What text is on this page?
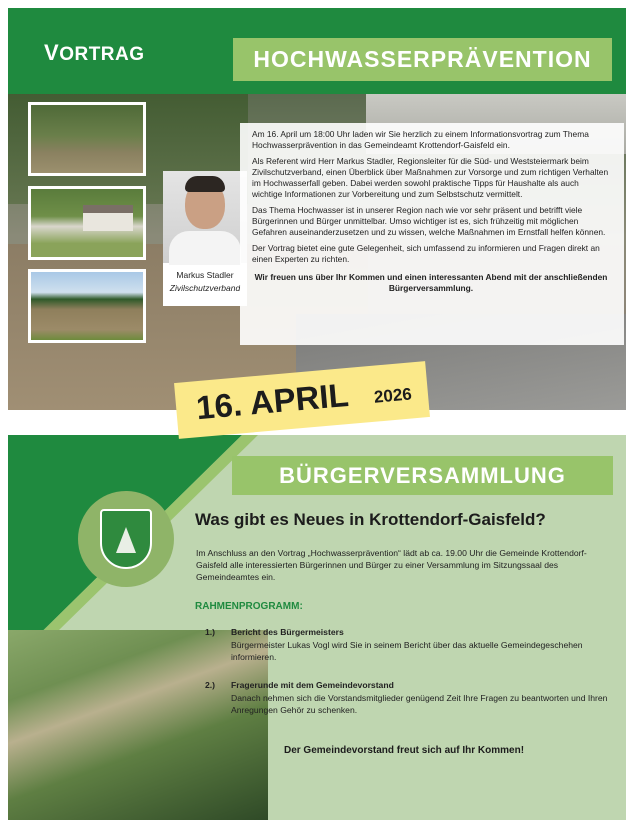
VORTRAG	HOCHWASSERPRÄVENTION
Markus Stadler
Zivilschutzverband

Am 16. April um 18:00 Uhr laden wir Sie herzlich zu einem Informationsvortrag zum Thema Hochwasserprävention in das Gemeindeamt Krottendorf-Gaisfeld ein.

Als Referent wird Herr Markus Stadler, Regionsleiter für die Süd- und Weststeiermark beim Zivilschutzverband, einen Überblick über Maßnahmen zur Vorsorge und zum richtigen Verhalten im Hochwasserfall geben. Dabei werden sowohl praktische Tipps für Haushalte als auch wichtige Informationen zur Vorbereitung und zum Selbstschutz vermittelt.

Das Thema Hochwasser ist in unserer Region nach wie vor sehr präsent und betrifft viele Bürgerinnen und Bürger unmittelbar. Umso wichtiger ist es, sich frühzeitig mit möglichen Gefahren auseinanderzusetzen und zu wissen, welche Maßnahmen im Ernstfall helfen können.

Der Vortrag bietet eine gute Gelegenheit, sich umfassend zu informieren und Fragen direkt an einen Experten zu richten.

Wir freuen uns über Ihr Kommen und einen interessanten Abend mit der anschließenden Bürgerversammlung.

16. APRIL 2026
BÜRGERVERSAMMLUNG
Was gibt es Neues in Krottendorf-Gaisfeld?
Im Anschluss an den Vortrag „Hochwasserprävention“ lädt ab ca. 19.00 Uhr die Gemeinde Krottendorf-Gaisfeld alle interessierten Bürgerinnen und Bürger zu einer Versammlung im Sitzungssaal des Gemeindeamtes ein.
RAHMENPROGRAMM:
1.) Bericht des Bürgermeisters
Bürgermeister Lukas Vogl wird Sie in seinem Bericht über das aktuelle Gemeindegeschehen informieren.
2.) Fragerunde mit dem Gemeindevorstand
Danach nehmen sich die Vorstandsmitglieder genügend Zeit Ihre Fragen zu beantworten und Ihren Anregungen Gehör zu schenken.
Der Gemeindevorstand freut sich auf Ihr Kommen!
